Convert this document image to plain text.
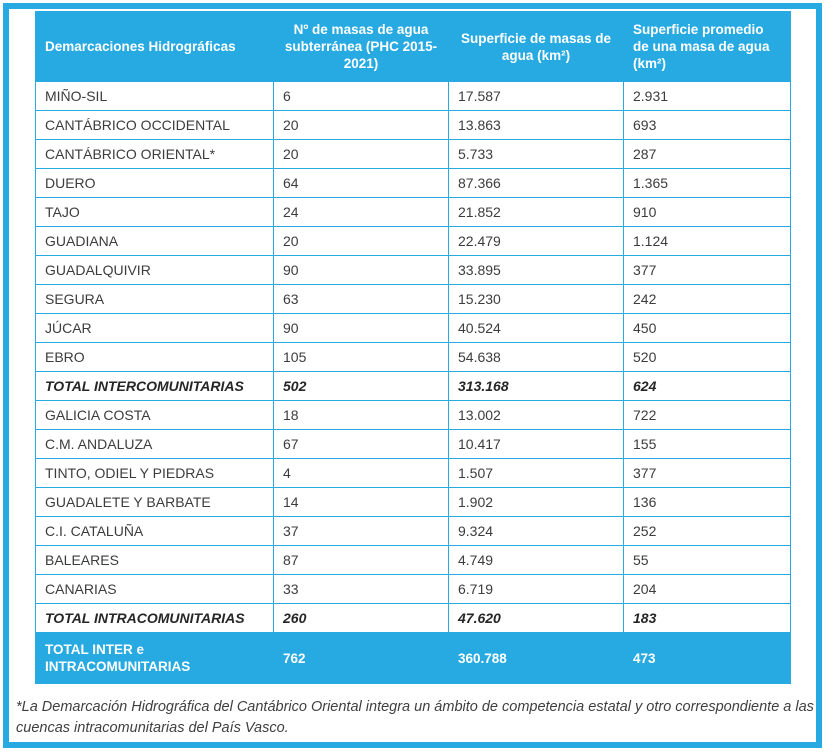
Demarcaciones Hidrográficas	Nº de masas de agua subterránea (PHC 2015-2021)	Superficie de masas de agua (km²)	Superficie promedio de una masa de agua (km²)
MIÑO-SIL	6	17.587	2.931
CANTÁBRICO OCCIDENTAL	20	13.863	693
CANTÁBRICO ORIENTAL*	20	5.733	287
DUERO	64	87.366	1.365
TAJO	24	21.852	910
GUADIANA	20	22.479	1.124
GUADALQUIVIR	90	33.895	377
SEGURA	63	15.230	242
JÚCAR	90	40.524	450
EBRO	105	54.638	520
TOTAL INTERCOMUNITARIAS	502	313.168	624
GALICIA COSTA	18	13.002	722
C.M. ANDALUZA	67	10.417	155
TINTO, ODIEL Y PIEDRAS	4	1.507	377
GUADALETE Y BARBATE	14	1.902	136
C.I. CATALUÑA	37	9.324	252
BALEARES	87	4.749	55
CANARIAS	33	6.719	204
TOTAL INTRACOMUNITARIAS	260	47.620	183
TOTAL INTER e INTRACOMUNITARIAS	762	360.788	473

*La Demarcación Hidrográfica del Cantábrico Oriental integra un ámbito de competencia estatal y otro correspondiente a las cuencas intracomunitarias del País Vasco.
